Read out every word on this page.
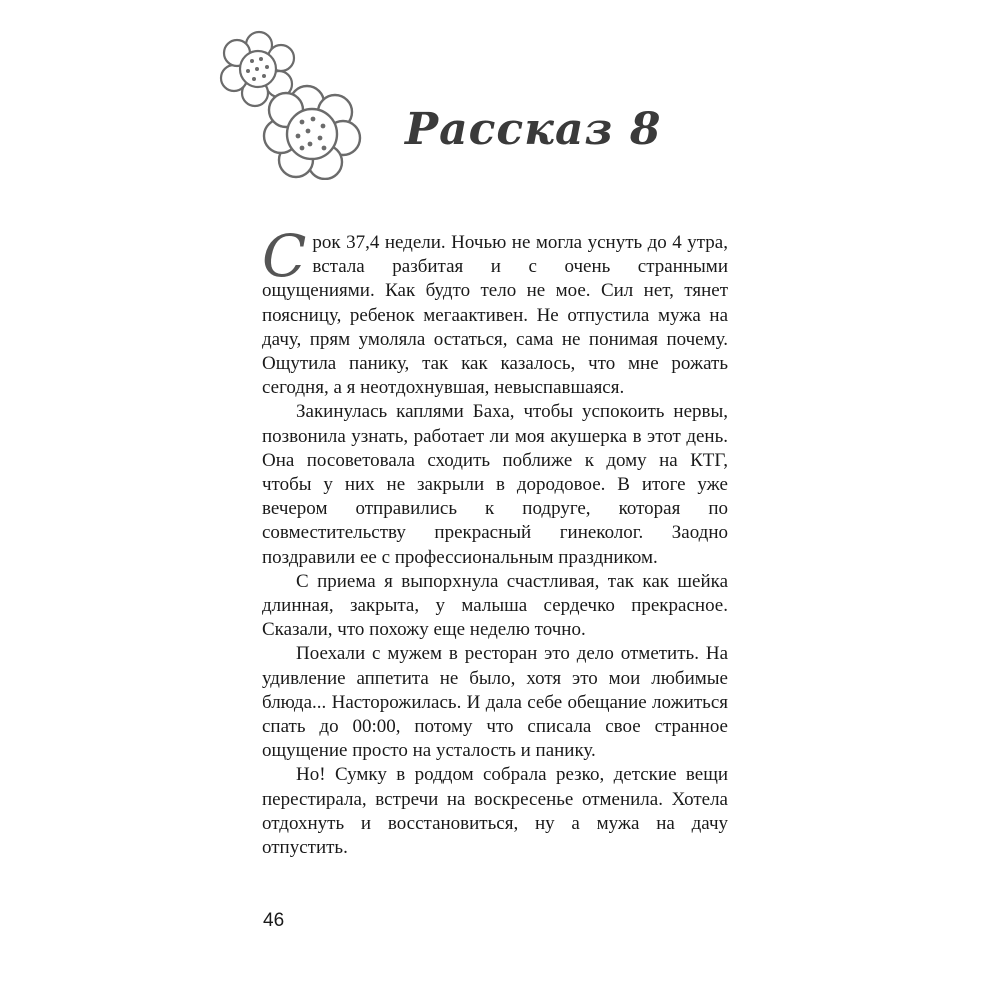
Рассказ 8

Срок 37,4 недели. Ночью не могла уснуть до 4 утра, встала разбитая и с очень странными ощущениями. Как будто тело не мое. Сил нет, тянет поясницу, ребенок мегаактивен. Не отпустила мужа на дачу, прям умоляла остаться, сама не понимая почему. Ощутила панику, так как казалось, что мне рожать сегодня, а я неотдохнувшая, невыспавшаяся.

Закинулась каплями Баха, чтобы успокоить нервы, позвонила узнать, работает ли моя акушерка в этот день. Она посоветовала сходить поближе к дому на КТГ, чтобы у них не закрыли в дородовое. В итоге уже вечером отправились к подруге, которая по совместительству прекрасный гинеколог. Заодно поздравили ее с профессиональным праздником.

С приема я выпорхнула счастливая, так как шейка длинная, закрыта, у малыша сердечко прекрасное. Сказали, что похожу еще неделю точно.

Поехали с мужем в ресторан это дело отметить. На удивление аппетита не было, хотя это мои любимые блюда... Насторожилась. И дала себе обещание ложиться спать до 00:00, потому что списала свое странное ощущение просто на усталость и панику.

Но! Сумку в роддом собрала резко, детские вещи перестирала, встречи на воскресенье отменила. Хотела отдохнуть и восстановиться, ну а мужа на дачу отпустить.

46
